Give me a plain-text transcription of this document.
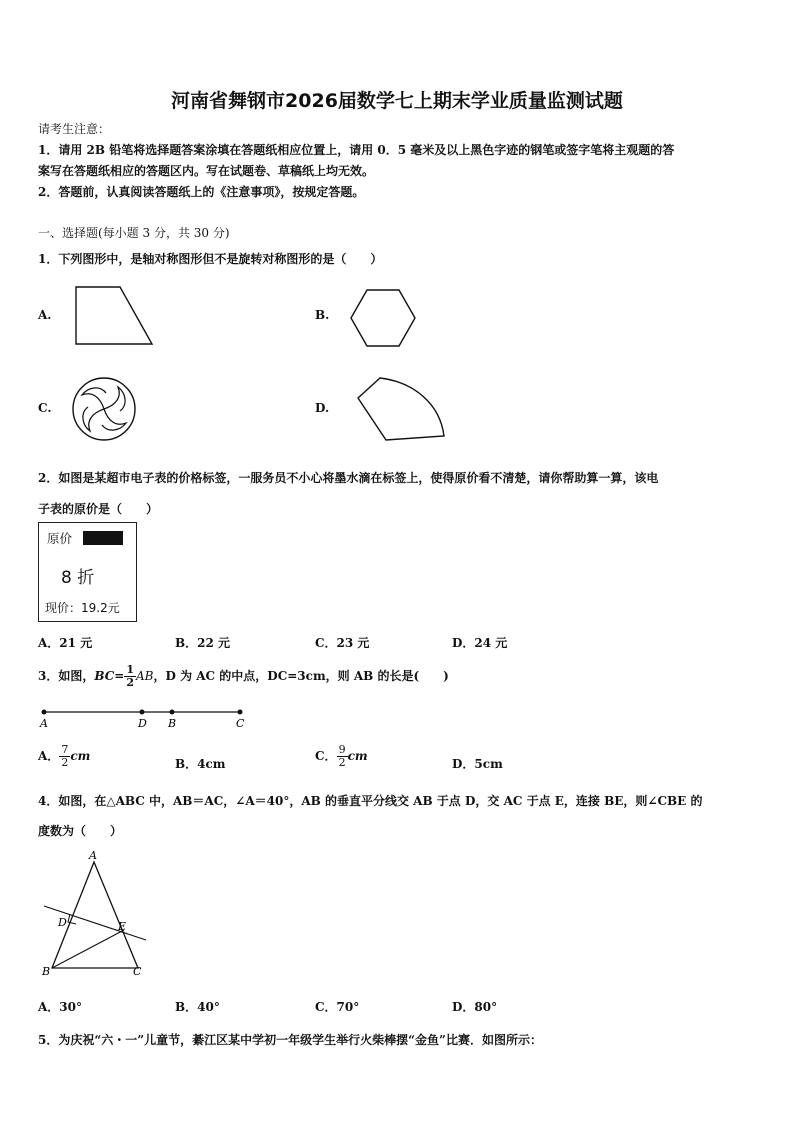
河南省舞钢市2026届数学七上期末学业质量监测试题
请考生注意：
1．请用 2B 铅笔将选择题答案涂填在答题纸相应位置上，请用 0．5 毫米及以上黑色字迹的钢笔或签字笔将主观题的答
案写在答题纸相应的答题区内。写在试题卷、草稿纸上均无效。
2．答题前，认真阅读答题纸上的《注意事项》，按规定答题。
一、选择题(每小题 3 分，共 30 分)
1．下列图形中，是轴对称图形但不是旋转对称图形的是（　　）
A.	B.
C.	D.
2．如图是某超市电子表的价格标签，一服务员不小心将墨水滴在标签上，使得原价看不清楚，请你帮助算一算，该电
子表的原价是（　　）
原价
8 折
现价：19.2元
A．21 元	B．22 元	C．23 元	D．24 元
3．如图，$BC= \frac{1}{2}$ AB，D 为 AC 的中点，DC=3cm，则 AB 的长是(　　)
A	D B	C
A． $\frac{7}{2}$ cm
B．4cm
C． $\frac{9}{2}$ cm
D．5cm
4．如图，在△ABC 中，AB＝AC，∠A＝40°，AB 的垂直平分线交 AB 于点 D，交 AC 于点 E，连接 BE，则∠CBE 的
度数为（　　）
A
D	E
B	C
A．30°	B．40°	C．70°	D．80°
5．为庆祝“六・一”儿童节，綦江区某中学初一年级学生举行火柴棒摆“金鱼”比赛．如图所示：
